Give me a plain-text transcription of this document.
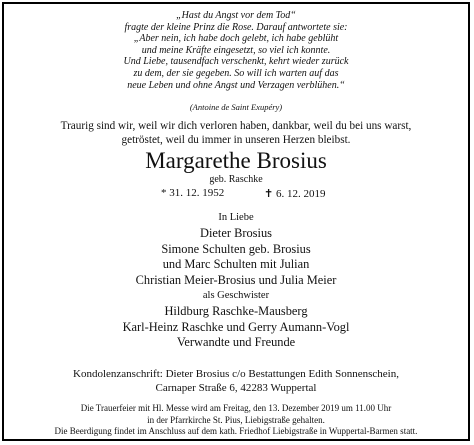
„Hast du Angst vor dem Tod“
fragte der kleine Prinz die Rose. Darauf antwortete sie:
„Aber nein, ich habe doch gelebt, ich habe geblüht
und meine Kräfte eingesetzt, so viel ich konnte.
Und Liebe, tausendfach verschenkt, kehrt wieder zurück
zu dem, der sie gegeben. So will ich warten auf das
neue Leben und ohne Angst und Verzagen verblühen.“
(Antoine de Saint Exupéry)
Traurig sind wir, weil wir dich verloren haben, dankbar, weil du bei uns warst,
getröstet, weil du immer in unseren Herzen bleibst.
Margarethe Brosius
geb. Raschke
* 31. 12. 1952	✝ 6. 12. 2019
In Liebe
Dieter Brosius
Simone Schulten geb. Brosius
und Marc Schulten mit Julian
Christian Meier-Brosius und Julia Meier
als Geschwister
Hildburg Raschke-Mausberg
Karl-Heinz Raschke und Gerry Aumann-Vogl
Verwandte und Freunde
Kondolenzanschrift: Dieter Brosius c/o Bestattungen Edith Sonnenschein,
Carnaper Straße 6, 42283 Wuppertal
Die Trauerfeier mit Hl. Messe wird am Freitag, den 13. Dezember 2019 um 11.00 Uhr
in der Pfarrkirche St. Pius, Liebigstraße gehalten.
Die Beerdigung findet im Anschluss auf dem kath. Friedhof Liebigstraße in Wuppertal-Barmen statt.
